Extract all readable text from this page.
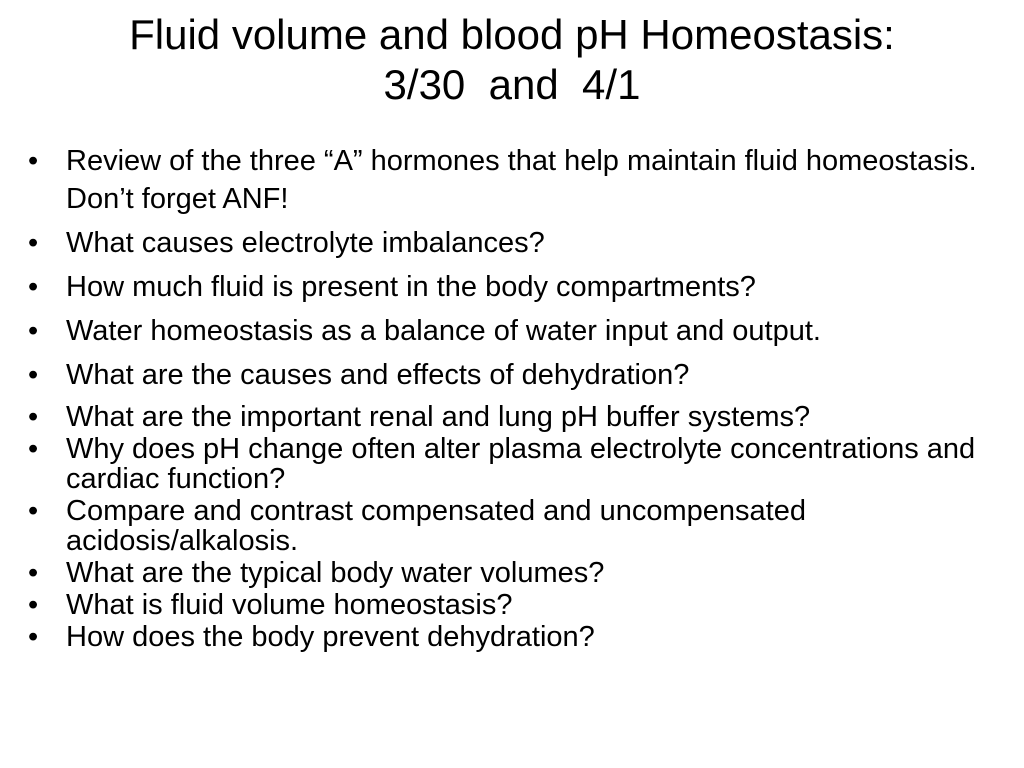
Fluid volume and blood pH Homeostasis:
3/30  and  4/1
• Review of the three “A” hormones that help maintain fluid homeostasis. Don’t forget ANF!
• What causes electrolyte imbalances?
• How much fluid is present in the body compartments?
• Water homeostasis as a balance of water input and output.
• What are the causes and effects of dehydration?
• What are the important renal and lung pH buffer systems?
• Why does pH change often alter plasma electrolyte concentrations and cardiac function?
• Compare and contrast compensated and uncompensated acidosis/alkalosis.
• What are the typical body water volumes?
• What is fluid volume homeostasis?
• How does the body prevent dehydration?
